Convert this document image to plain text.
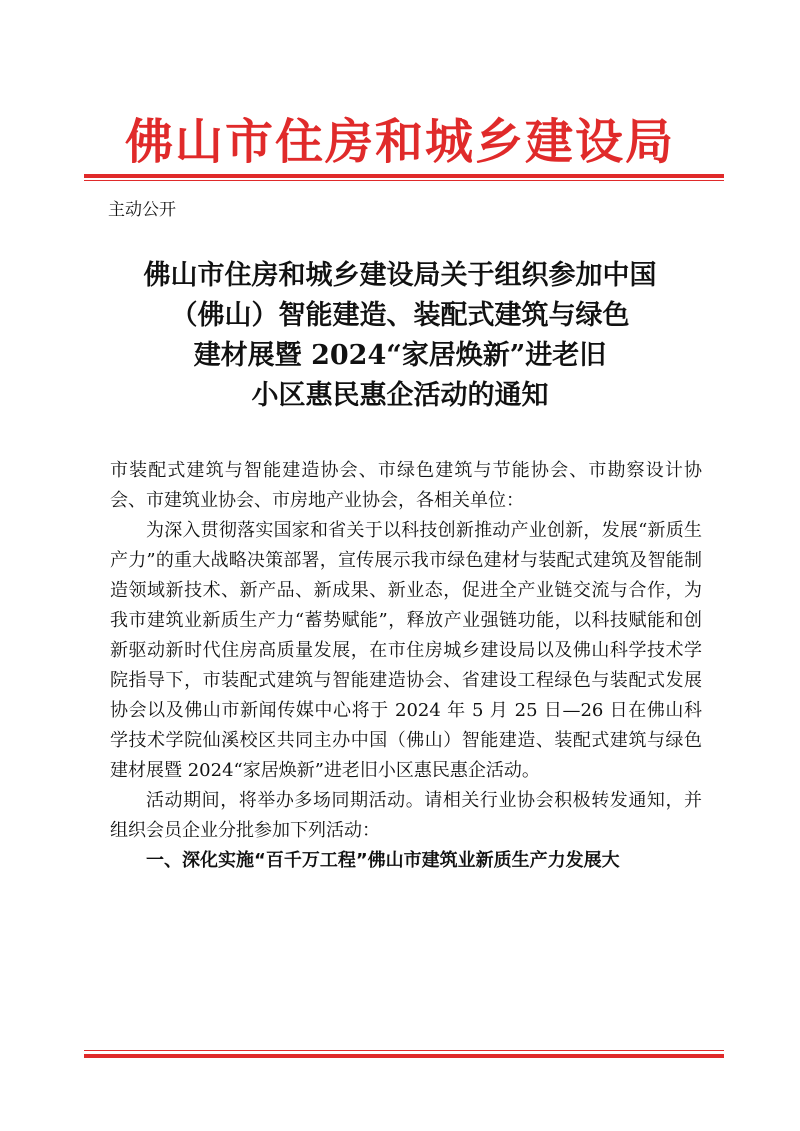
佛山市住房和城乡建设局
主动公开
佛山市住房和城乡建设局关于组织参加中国
（佛山）智能建造、装配式建筑与绿色
建材展暨 2024“家居焕新”进老旧
小区惠民惠企活动的通知

市装配式建筑与智能建造协会、市绿色建筑与节能协会、市勘察设计协会、市建筑业协会、市房地产业协会，各相关单位：

为深入贯彻落实国家和省关于以科技创新推动产业创新，发展“新质生产力”的重大战略决策部署，宣传展示我市绿色建材与装配式建筑及智能制造领域新技术、新产品、新成果、新业态，促进全产业链交流与合作，为我市建筑业新质生产力“蓄势赋能”，释放产业强链功能，以科技赋能和创新驱动新时代住房高质量发展，在市住房城乡建设局以及佛山科学技术学院指导下，市装配式建筑与智能建造协会、省建设工程绿色与装配式发展协会以及佛山市新闻传媒中心将于 2024 年 5 月 25 日—26 日在佛山科学技术学院仙溪校区共同主办中国（佛山）智能建造、装配式建筑与绿色建材展暨 2024“家居焕新”进老旧小区惠民惠企活动。

活动期间，将举办多场同期活动。请相关行业协会积极转发通知，并组织会员企业分批参加下列活动：

一、深化实施“百千万工程”佛山市建筑业新质生产力发展大
